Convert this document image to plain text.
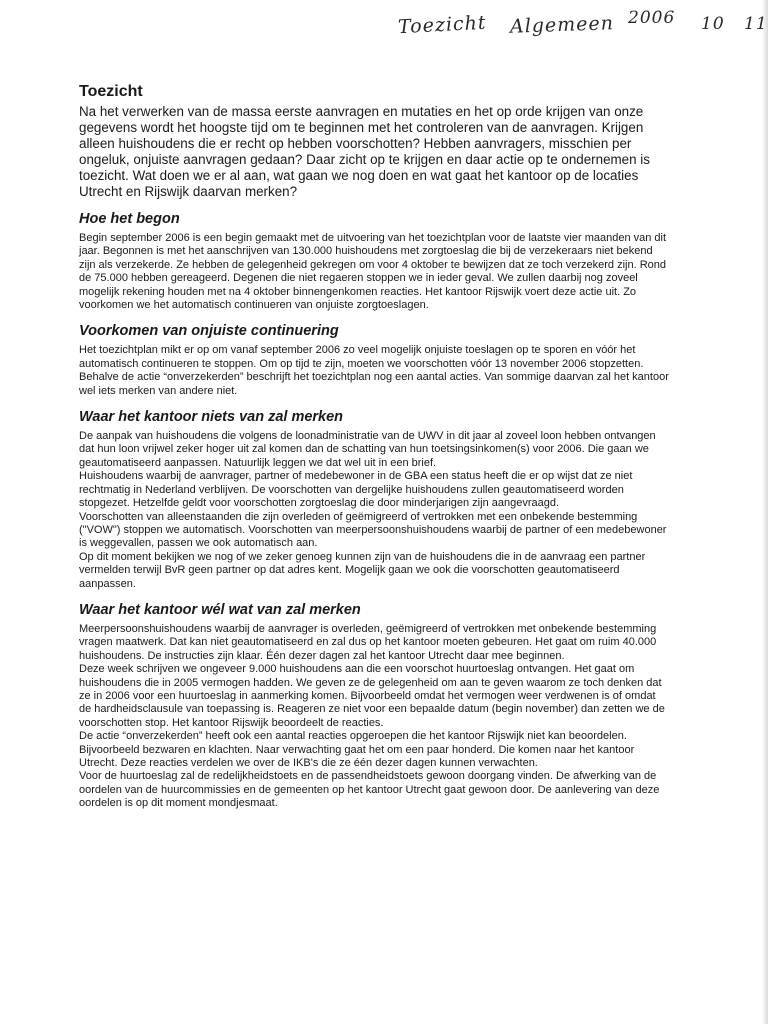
Toezicht Algemeen 2006 10 11
Toezicht

Na het verwerken van de massa eerste aanvragen en mutaties en het op orde krijgen van onze gegevens wordt het hoogste tijd om te beginnen met het controleren van de aanvragen. Krijgen alleen huishoudens die er recht op hebben voorschotten? Hebben aanvragers, misschien per ongeluk, onjuiste aanvragen gedaan? Daar zicht op te krijgen en daar actie op te ondernemen is toezicht. Wat doen we er al aan, wat gaan we nog doen en wat gaat het kantoor op de locaties Utrecht en Rijswijk daarvan merken?

Hoe het begon

Begin september 2006 is een begin gemaakt met de uitvoering van het toezichtplan voor de laatste vier maanden van dit jaar. Begonnen is met het aanschrijven van 130.000 huishoudens met zorgtoeslag die bij de verzekeraars niet bekend zijn als verzekerde. Ze hebben de gelegenheid gekregen om voor 4 oktober te bewijzen dat ze toch verzekerd zijn. Rond de 75.000 hebben gereageerd. Degenen die niet regaeren stoppen we in ieder geval. We zullen daarbij nog zoveel mogelijk rekening houden met na 4 oktober binnengenkomen reacties. Het kantoor Rijswijk voert deze actie uit. Zo voorkomen we het automatisch continueren van onjuiste zorgtoeslagen.

Voorkomen van onjuiste continuering

Het toezichtplan mikt er op om vanaf september 2006 zo veel mogelijk onjuiste toeslagen op te sporen en vóór het automatisch continueren te stoppen. Om op tijd te zijn, moeten we voorschotten vóór 13 november 2006 stopzetten. Behalve de actie “onverzekerden” beschrijft het toezichtplan nog een aantal acties. Van sommige daarvan zal het kantoor wel iets merken van andere niet.

Waar het kantoor niets van zal merken

De aanpak van huishoudens die volgens de loonadministratie van de UWV in dit jaar al zoveel loon hebben ontvangen dat hun loon vrijwel zeker hoger uit zal komen dan de schatting van hun toetsingsinkomen(s) voor 2006. Die gaan we geautomatiseerd aanpassen. Natuurlijk leggen we dat wel uit in een brief.

Huishoudens waarbij de aanvrager, partner of medebewoner in de GBA een status heeft die er op wijst dat ze niet rechtmatig in Nederland verblijven. De voorschotten van dergelijke huishoudens zullen geautomatiseerd worden stopgezet. Hetzelfde geldt voor voorschotten zorgtoeslag die door minderjarigen zijn aangevraagd.

Voorschotten van alleenstaanden die zijn overleden of geëmigreerd of vertrokken met een onbekende bestemming ("VOW") stoppen we automatisch. Voorschotten van meerpersoonshuishoudens waarbij de partner of een medebewoner is weggevallen, passen we ook automatisch aan.

Op dit moment bekijken we nog of we zeker genoeg kunnen zijn van de huishoudens die in de aanvraag een partner vermelden terwijl BvR geen partner op dat adres kent. Mogelijk gaan we ook die voorschotten geautomatiseerd aanpassen.

Waar het kantoor wél wat van zal merken

Meerpersoonshuishoudens waarbij de aanvrager is overleden, geëmigreerd of vertrokken met onbekende bestemming vragen maatwerk. Dat kan niet geautomatiseerd en zal dus op het kantoor moeten gebeuren. Het gaat om ruim 40.000 huishoudens. De instructies zijn klaar. Één dezer dagen zal het kantoor Utrecht daar mee beginnen.

Deze week schrijven we ongeveer 9.000 huishoudens aan die een voorschot huurtoeslag ontvangen. Het gaat om huishoudens die in 2005 vermogen hadden. We geven ze de gelegenheid om aan te geven waarom ze toch denken dat ze in 2006 voor een huurtoeslag in aanmerking komen. Bijvoorbeeld omdat het vermogen weer verdwenen is of omdat de hardheidsclausule van toepassing is. Reageren ze niet voor een bepaalde datum (begin november) dan zetten we de voorschotten stop. Het kantoor Rijswijk beoordeelt de reacties.

De actie “onverzekerden” heeft ook een aantal reacties opgeroepen die het kantoor Rijswijk niet kan beoordelen. Bijvoorbeeld bezwaren en klachten. Naar verwachting gaat het om een paar honderd. Die komen naar het kantoor Utrecht. Deze reacties verdelen we over de IKB's die ze één dezer dagen kunnen verwachten.

Voor de huurtoeslag zal de redelijkheidstoets en de passendheidstoets gewoon doorgang vinden. De afwerking van de oordelen van de huurcommissies en de gemeenten op het kantoor Utrecht gaat gewoon door. De aanlevering van deze oordelen is op dit moment mondjesmaat.
